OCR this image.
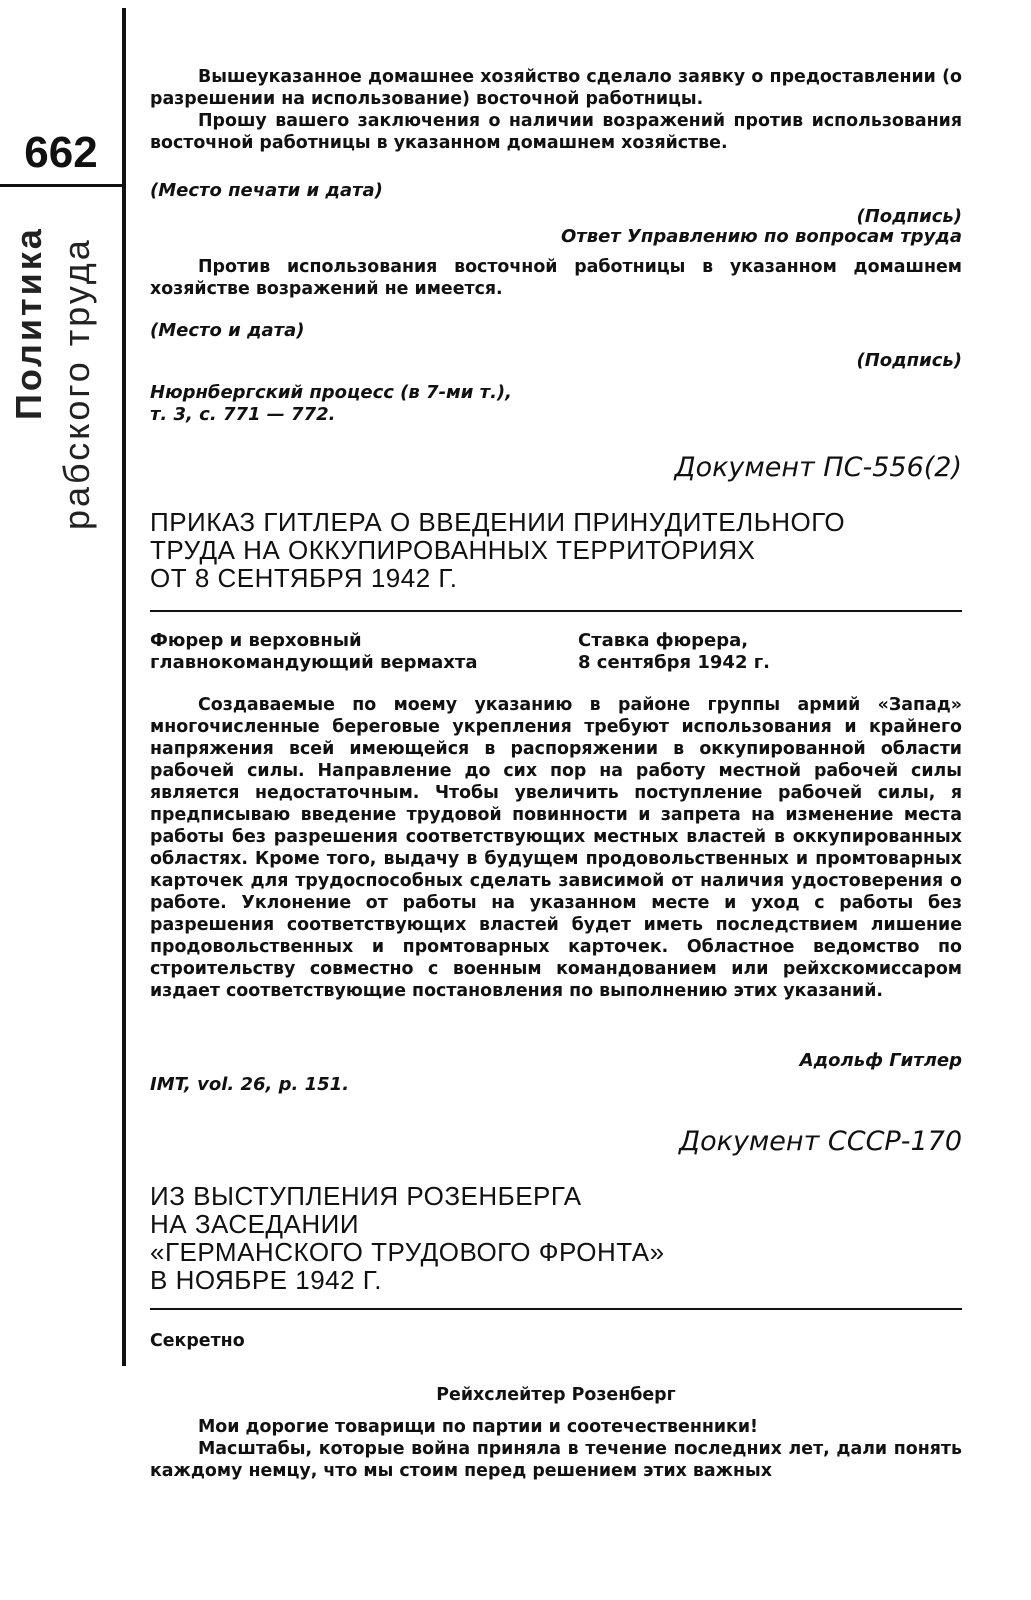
662
Политика рабского труда

Вышеуказанное домашнее хозяйство сделало заявку о предоставлении (о разрешении на использование) восточной работницы.

Прошу вашего заключения о наличии возражений против использования восточной работницы в указанном домашнем хозяйстве.

(Место печати и дата)
(Подпись)
Ответ Управлению по вопросам труда

Против использования восточной работницы в указанном домашнем хозяйстве возражений не имеется.

(Место и дата)
(Подпись)
Нюрнбергский процесс (в 7-ми т.),
т. 3, с. 771 — 772.
Документ ПС-556(2)
ПРИКАЗ ГИТЛЕРА О ВВЕДЕНИИ ПРИНУДИТЕЛЬНОГО
ТРУДА НА ОККУПИРОВАННЫХ ТЕРРИТОРИЯХ
ОТ 8 СЕНТЯБРЯ 1942 Г.
Фюрер и верховный
главнокомандующий вермахта
Ставка фюрера,
8 сентября 1942 г.

Создаваемые по моему указанию в районе группы армий «Запад» многочисленные береговые укрепления требуют использования и крайнего напряжения всей имеющейся в распоряжении в оккупированной области рабочей силы. Направление до сих пор на работу местной рабочей силы является недостаточным. Чтобы увеличить поступление рабочей силы, я предписываю введение трудовой повинности и запрета на изменение места работы без разрешения соответствующих местных властей в оккупированных областях. Кроме того, выдачу в будущем продовольственных и промтоварных карточек для трудоспособных сделать зависимой от наличия удостоверения о работе. Уклонение от работы на указанном месте и уход с работы без разрешения соответствующих властей будет иметь последствием лишение продовольственных и промтоварных карточек. Областное ведомство по строительству совместно с военным командованием или рейхскомиссаром издает соответствующие постановления по выполнению этих указаний.

Адольф Гитлер
IMT, vol. 26, p. 151.
Документ СССР-170
ИЗ ВЫСТУПЛЕНИЯ РОЗЕНБЕРГА
НА ЗАСЕДАНИИ
«ГЕРМАНСКОГО ТРУДОВОГО ФРОНТА»
В НОЯБРЕ 1942 Г.
Секретно
Рейхслейтер Розенберг

Мои дорогие товарищи по партии и соотечественники!

Масштабы, которые война приняла в течение последних лет, дали понять каждому немцу, что мы стоим перед решением этих важных
